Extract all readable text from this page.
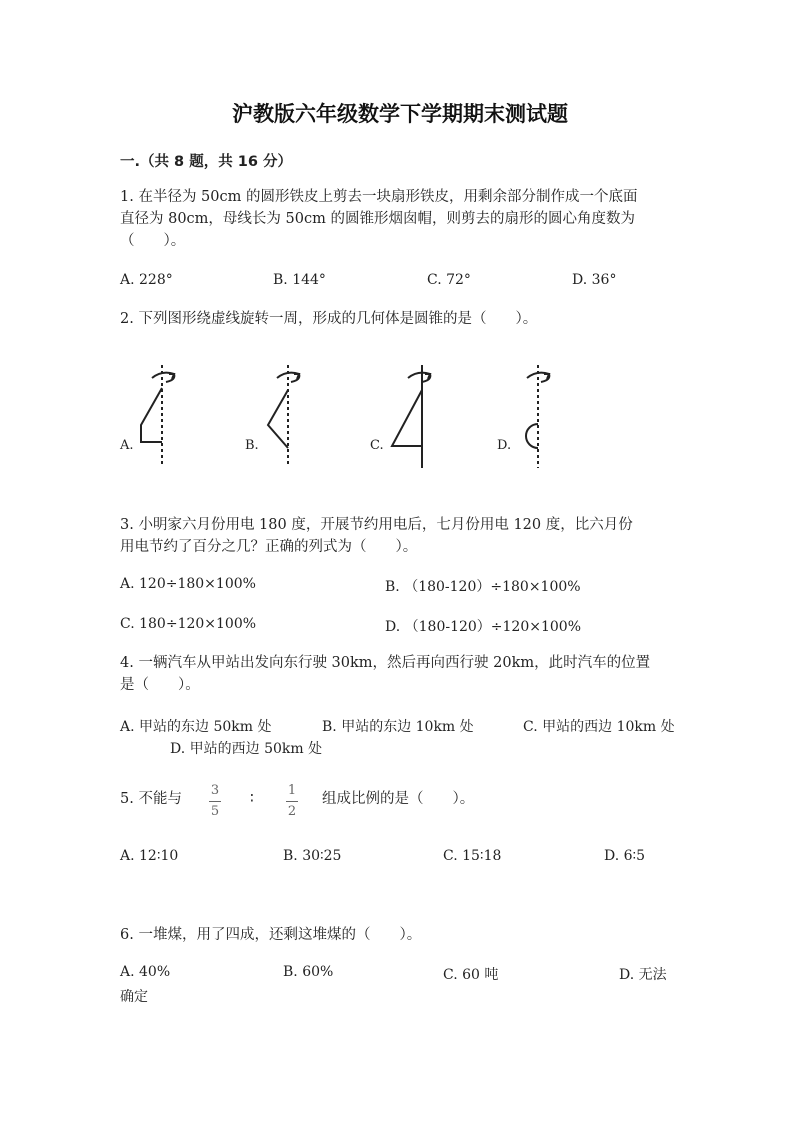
沪教版六年级数学下学期期末测试题
一.（共 8 题，共 16 分）
1. 在半径为 50cm 的圆形铁皮上剪去一块扇形铁皮，用剩余部分制作成一个底面
直径为 80cm，母线长为 50cm 的圆锥形烟囱帽，则剪去的扇形的圆心角度数为
（　　）。
A. 228°	B. 144°	C. 72°	D. 36°
2. 下列图形绕虚线旋转一周，形成的几何体是圆锥的是（　　）。
A.	B.	C.	D.
3. 小明家六月份用电 180 度，开展节约用电后，七月份用电 120 度，比六月份
用电节约了百分之几？正确的列式为（　　）。
A. 120÷180×100%	B. （180-120）÷180×100%
C. 180÷120×100%	D. （180-120）÷120×100%
4. 一辆汽车从甲站出发向东行驶 30km，然后再向西行驶 20km，此时汽车的位置
是（　　）。
A. 甲站的东边 50km 处	B. 甲站的东边 10km 处	C. 甲站的西边 10km 处
D. 甲站的西边 50km 处
5. 不能与
3
5
∶
1
2
组成比例的是（　　）。
A. 12∶10	B. 30∶25	C. 15∶18	D. 6∶5
6. 一堆煤，用了四成，还剩这堆煤的（　　）。
A. 40%	B. 60%	C. 60 吨	D. 无法
确定
